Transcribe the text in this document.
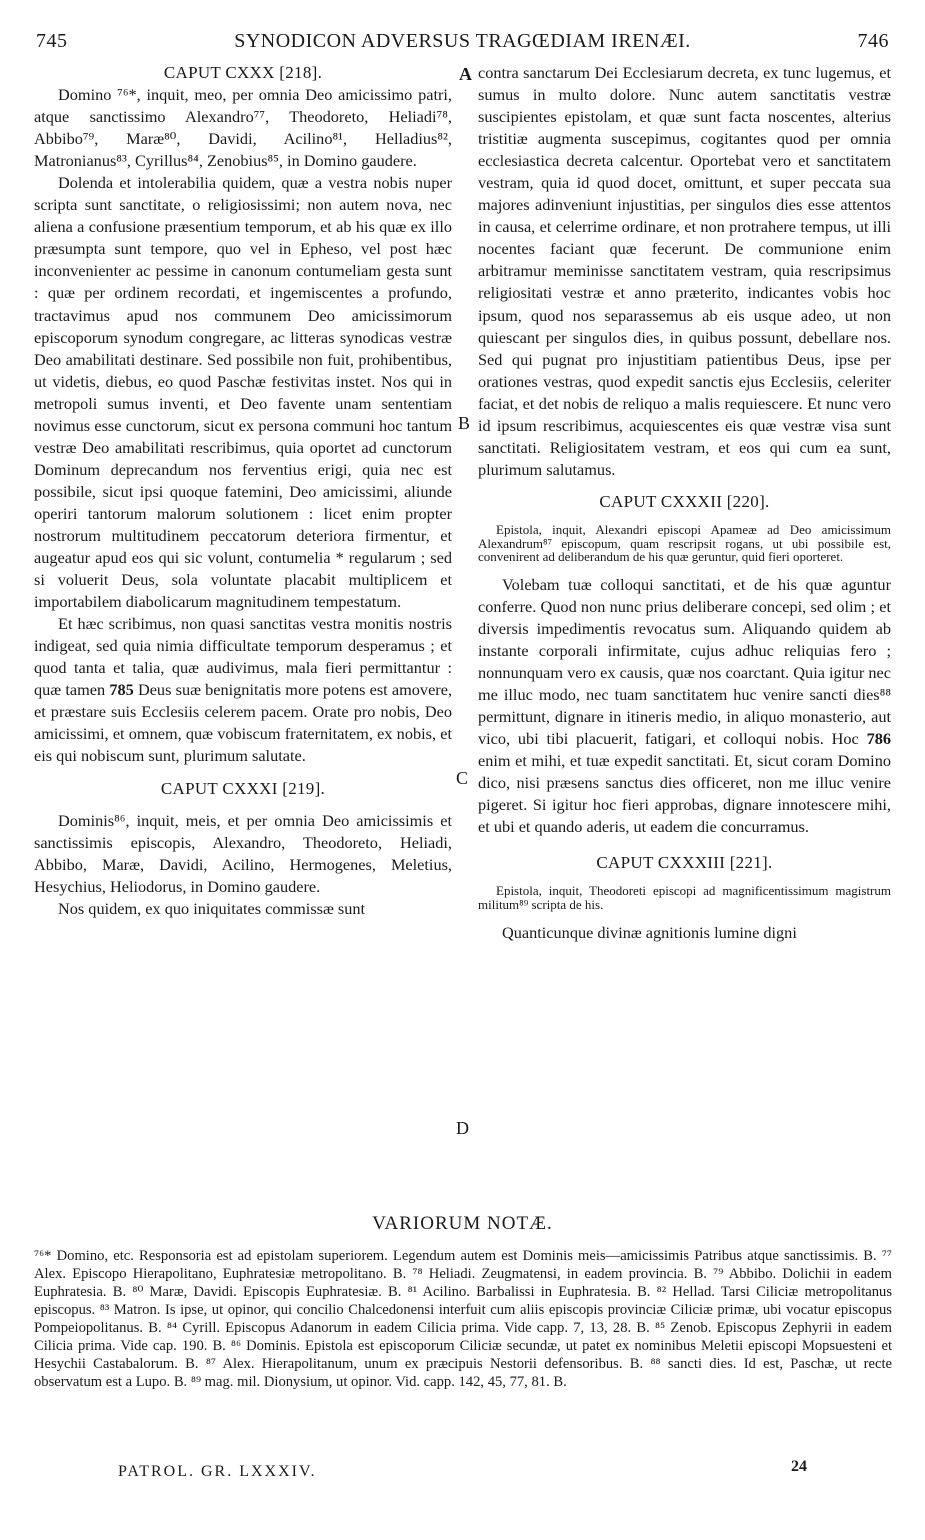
745	SYNODICON ADVERSUS TRAGŒDIAM IRENÆI.	746
A
B
C
D

CAPUT CXXX [218].

Domino ⁷⁶*, inquit, meo, per omnia Deo amicissimo patri, atque sanctissimo Alexandro⁷⁷, Theodoreto, Heliadi⁷⁸, Abbibo⁷⁹, Maræ⁸⁰, Davidi, Acilino⁸¹, Helladius⁸², Matronianus⁸³, Cyrillus⁸⁴, Zenobius⁸⁵, in Domino gaudere.

Dolenda et intolerabilia quidem, quæ a vestra nobis nuper scripta sunt sanctitate, o religiosissimi; non autem nova, nec aliena a confusione præsentium temporum, et ab his quæ ex illo præsumpta sunt tempore, quo vel in Epheso, vel post hæc inconvenienter ac pessime in canonum contumeliam gesta sunt : quæ per ordinem recordati, et ingemiscentes a profundo, tractavimus apud nos communem Deo amicissimorum episcoporum synodum congregare, ac litteras synodicas vestræ Deo amabilitati destinare. Sed possibile non fuit, prohibentibus, ut videtis, diebus, eo quod Paschæ festivitas instet. Nos qui in metropoli sumus inventi, et Deo favente unam sententiam novimus esse cunctorum, sicut ex persona communi hoc tantum vestræ Deo amabilitati rescribimus, quia oportet ad cunctorum Dominum deprecandum nos ferventius erigi, quia nec est possibile, sicut ipsi quoque fatemini, Deo amicissimi, aliunde operiri tantorum malorum solutionem : licet enim propter nostrorum multitudinem peccatorum deteriora firmentur, et augeatur apud eos qui sic volunt, contumelia * regularum ; sed si voluerit Deus, sola voluntate placabit multiplicem et importabilem diabolicarum magnitudinem tempestatum.

Et hæc scribimus, non quasi sanctitas vestra monitis nostris indigeat, sed quia nimia difficultate temporum desperamus ; et quod tanta et talia, quæ audivimus, mala fieri permittantur : quæ tamen 785 Deus suæ benignitatis more potens est amovere, et præstare suis Ecclesiis celerem pacem. Orate pro nobis, Deo amicissimi, et omnem, quæ vobiscum fraternitatem, ex nobis, et eis qui nobiscum sunt, plurimum salutate.

CAPUT CXXXI [219].

Dominis⁸⁶, inquit, meis, et per omnia Deo amicissimis et sanctissimis episcopis, Alexandro, Theodoreto, Heliadi, Abbibo, Maræ, Davidi, Acilino, Hermogenes, Meletius, Hesychius, Heliodorus, in Domino gaudere.

Nos quidem, ex quo iniquitates commissæ sunt

contra sanctarum Dei Ecclesiarum decreta, ex tunc lugemus, et sumus in multo dolore. Nunc autem sanctitatis vestræ suscipientes epistolam, et quæ sunt facta noscentes, alterius tristitiæ augmenta suscepimus, cogitantes quod per omnia ecclesiastica decreta calcentur. Oportebat vero et sanctitatem vestram, quia id quod docet, omittunt, et super peccata sua majores adinveniunt injustitias, per singulos dies esse attentos in causa, et celerrime ordinare, et non protrahere tempus, ut illi nocentes faciant quæ fecerunt. De communione enim arbitramur meminisse sanctitatem vestram, quia rescripsimus religiositati vestræ et anno præterito, indicantes vobis hoc ipsum, quod nos separassemus ab eis usque adeo, ut non quiescant per singulos dies, in quibus possunt, debellare nos. Sed qui pugnat pro injustitiam patientibus Deus, ipse per orationes vestras, quod expedit sanctis ejus Ecclesiis, celeriter faciat, et det nobis de reliquo a malis requiescere. Et nunc vero id ipsum rescribimus, acquiescentes eis quæ vestræ visa sunt sanctitati. Religiositatem vestram, et eos qui cum ea sunt, plurimum salutamus.

CAPUT CXXXII [220].

Epistola, inquit, Alexandri episcopi Apameæ ad Deo amicissimum Alexandrum⁸⁷ episcopum, quam rescripsit rogans, ut ubi possibile est, convenirent ad deliberandum de his quæ geruntur, quid fieri oporteret.

Volebam tuæ colloqui sanctitati, et de his quæ aguntur conferre. Quod non nunc prius deliberare concepi, sed olim ; et diversis impedimentis revocatus sum. Aliquando quidem ab instante corporali infirmitate, cujus adhuc reliquias fero ; nonnunquam vero ex causis, quæ nos coarctant. Quia igitur nec me illuc modo, nec tuam sanctitatem huc venire sancti dies⁸⁸ permittunt, dignare in itineris medio, in aliquo monasterio, aut vico, ubi tibi placuerit, fatigari, et colloqui nobis. Hoc 786 enim et mihi, et tuæ expedit sanctitati. Et, sicut coram Domino dico, nisi præsens sanctus dies officeret, non me illuc venire pigeret. Si igitur hoc fieri approbas, dignare innotescere mihi, et ubi et quando aderis, ut eadem die concurramus.

CAPUT CXXXIII [221].

Epistola, inquit, Theodoreti episcopi ad magnificentissimum magistrum militum⁸⁹ scripta de his.

Quanticunque divinæ agnitionis lumine digni

VARIORUM NOTÆ.

⁷⁶* Domino, etc. Responsoria est ad epistolam superiorem. Legendum autem est Dominis meis—amicissimis Patribus atque sanctissimis. B. ⁷⁷ Alex. Episcopo Hierapolitano, Euphratesiæ metropolitano. B. ⁷⁸ Heliadi. Zeugmatensi, in eadem provincia. B. ⁷⁹ Abbibo. Dolichii in eadem Euphratesia. B. ⁸⁰ Maræ, Davidi. Episcopis Euphratesiæ. B. ⁸¹ Acilino. Barbalissi in Euphratesia. B. ⁸² Hellad. Tarsi Ciliciæ metropolitanus episcopus. ⁸³ Matron. Is ipse, ut opinor, qui concilio Chalcedonensi interfuit cum aliis episcopis provinciæ Ciliciæ primæ, ubi vocatur episcopus Pompeiopolitanus. B. ⁸⁴ Cyrill. Episcopus Adanorum in eadem Cilicia prima. Vide capp. 7, 13, 28. B. ⁸⁵ Zenob. Episcopus Zephyrii in eadem Cilicia prima. Vide cap. 190. B. ⁸⁶ Dominis. Epistola est episcoporum Ciliciæ secundæ, ut patet ex nominibus Meletii episcopi Mopsuesteni et Hesychii Castabalorum. B. ⁸⁷ Alex. Hierapolitanum, unum ex præcipuis Nestorii defensoribus. B. ⁸⁸ sancti dies. Id est, Paschæ, ut recte observatum est a Lupo. B. ⁸⁹ mag. mil. Dionysium, ut opinor. Vid. capp. 142, 45, 77, 81. B.

PATROL. GR. LXXXIV.	24
